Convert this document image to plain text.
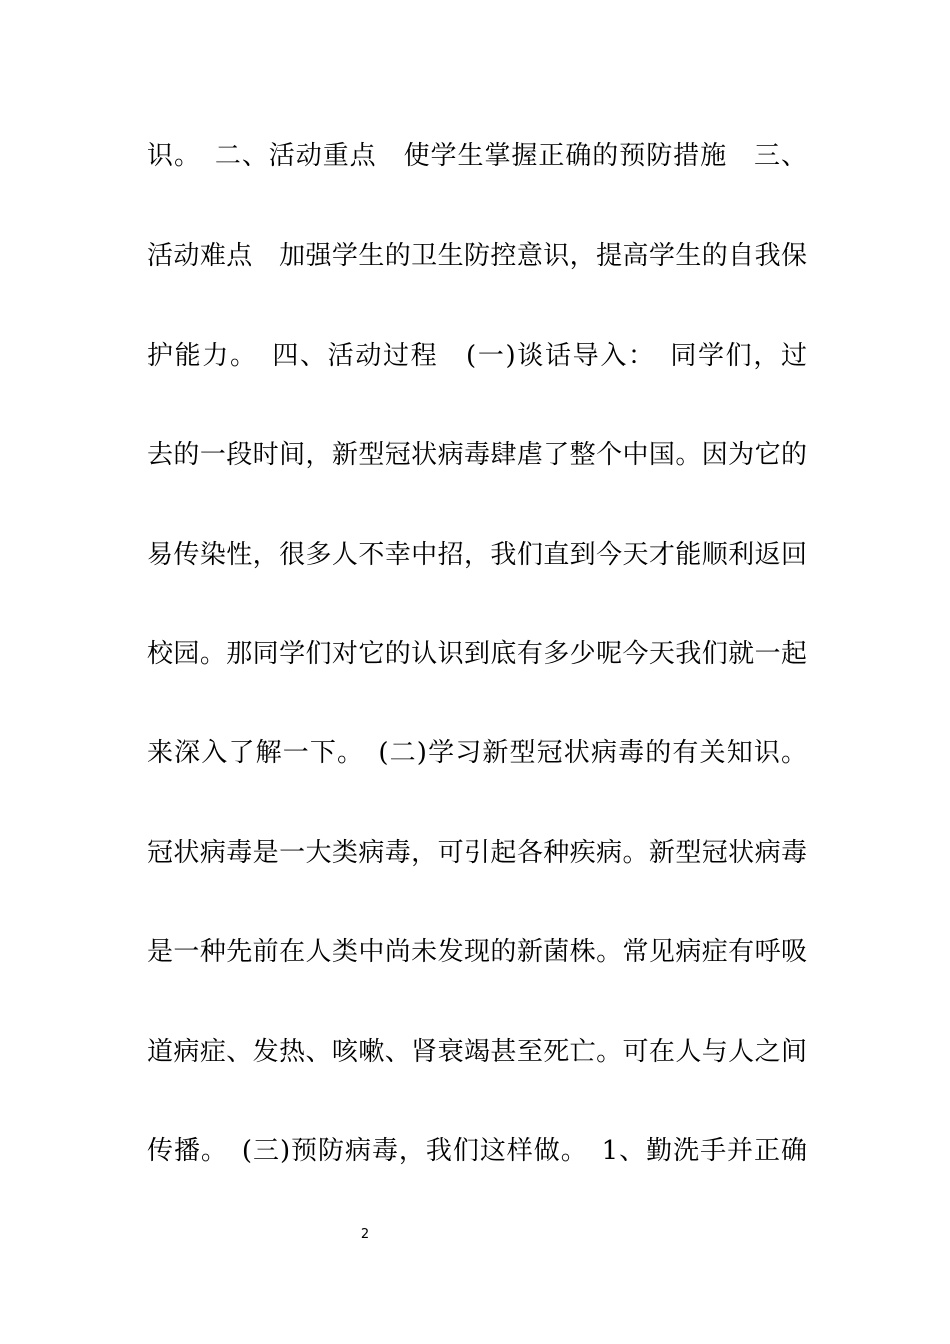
识。　二、活动重点　使学生掌握正确的预防措施　三、
活动难点　加强学生的卫生防控意识，提高学生的自我保
护能力。　四、活动过程　(一)谈话导入：　同学们，过
去的一段时间，新型冠状病毒肆虐了整个中国。因为它的
易传染性，很多人不幸中招，我们直到今天才能顺利返回
校园。那同学们对它的认识到底有多少呢今天我们就一起
来深入了解一下。　(二)学习新型冠状病毒的有关知识。
冠状病毒是一大类病毒，可引起各种疾病。新型冠状病毒
是一种先前在人类中尚未发现的新菌株。常见病症有呼吸
道病症、发热、咳嗽、肾衰竭甚至死亡。可在人与人之间
传播。　(三)预防病毒，我们这样做。　1、勤洗手并正确
2
